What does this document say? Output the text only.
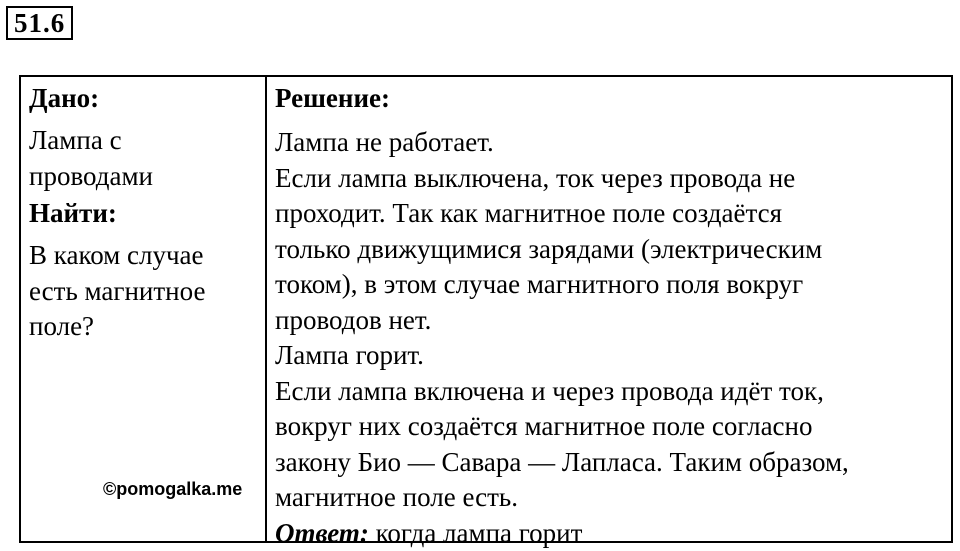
51.6
Дано:
Лампа с
проводами
Найти:
В каком случае
есть магнитное
поле?
©pomogalka.me
Решение:
Лампа не работает.
Если лампа выключена, ток через провода не
проходит. Так как магнитное поле создаётся
только движущимися зарядами (электрическим
током), в этом случае магнитного поля вокруг
проводов нет.
Лампа горит.
Если лампа включена и через провода идёт ток,
вокруг них создаётся магнитное поле согласно
закону Био — Савара — Лапласа. Таким образом,
магнитное поле есть.
Ответ: когда лампа горит
